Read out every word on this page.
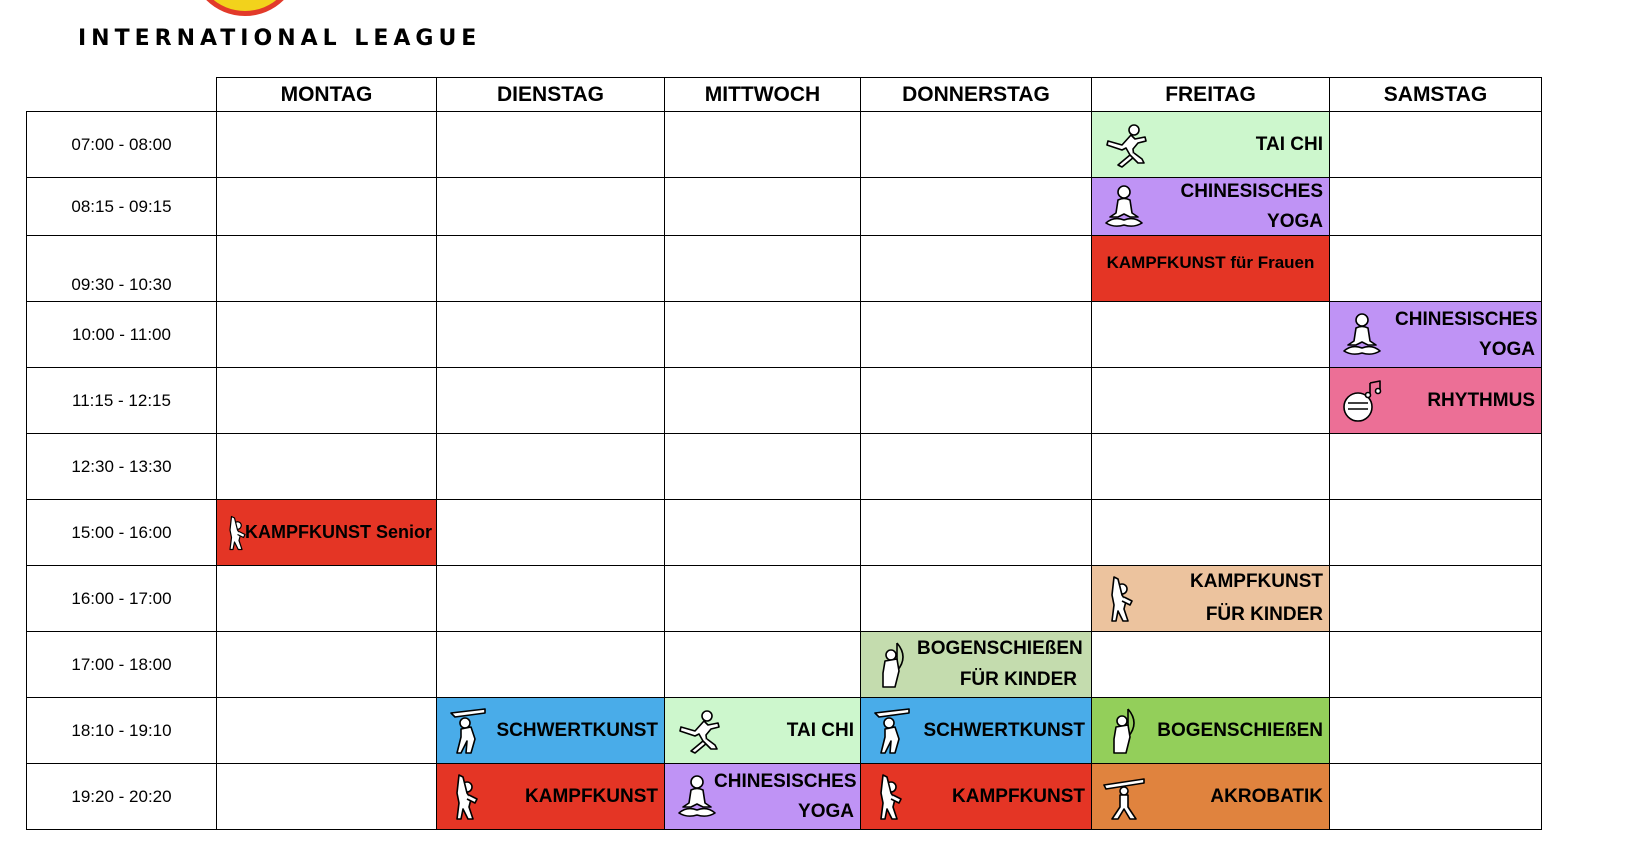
INTERNATIONAL LEAGUE
	MONTAG	DIENSTAG	MITTWOCH	DONNERSTAG	FREITAG	SAMSTAG
07:00 - 08:00					TAI CHI	

08:15 - 09:15					CHINESISCHES YOGA	

09:30 - 10:30					KAMPFKUNST für Frauen	

10:00 - 11:00						CHINESISCHES YOGA

11:15 - 12:15						RHYTHMUS

12:30 - 13:30						
15:00 - 16:00	KAMPFKUNST Senior					

16:00 - 17:00					KAMPFKUNST FÜR KINDER	

17:00 - 18:00				BOGENSCHIEßEN FÜR KINDER		

18:10 - 19:10		SCHWERTKUNST	TAI CHI	SCHWERTKUNST	BOGENSCHIEßEN	

19:20 - 20:20		KAMPFKUNST	CHINESISCHES YOGA	KAMPFKUNST	AKROBATIK	
